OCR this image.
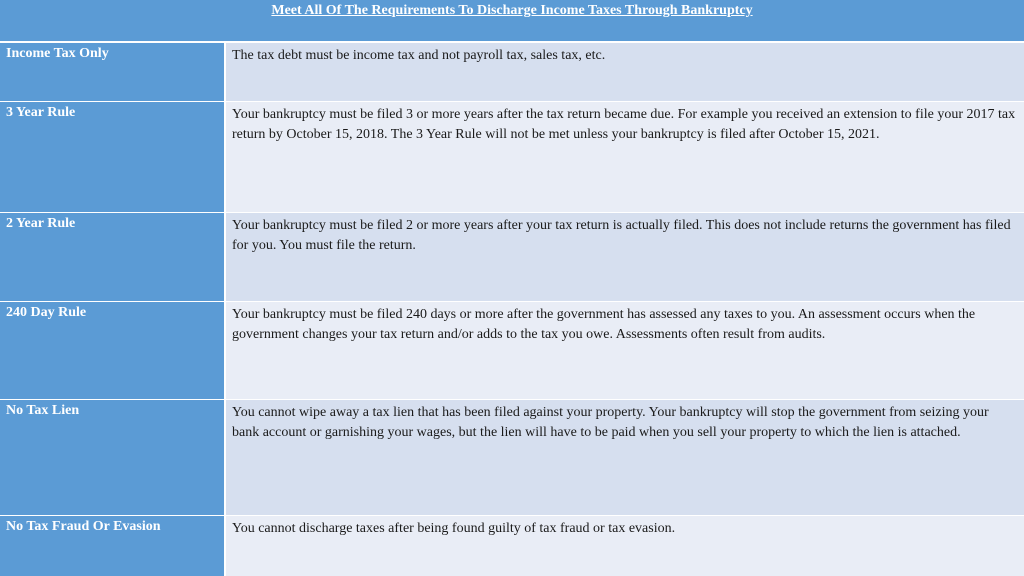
Meet All Of The Requirements To Discharge Income Taxes Through Bankruptcy
Income Tax Only	The tax debt must be income tax and not payroll tax, sales tax, etc.
3 Year Rule	Your bankruptcy must be filed 3 or more years after the tax return became due. For example you received an extension to file your 2017 tax return by October 15, 2018. The 3 Year Rule will not be met unless your bankruptcy is filed after October 15, 2021.
2 Year Rule	Your bankruptcy must be filed 2 or more years after your tax return is actually filed. This does not include returns the government has filed for you. You must file the return.
240 Day Rule	Your bankruptcy must be filed 240 days or more after the government has assessed any taxes to you. An assessment occurs when the government changes your tax return and/or adds to the tax you owe. Assessments often result from audits.
No Tax Lien	You cannot wipe away a tax lien that has been filed against your property. Your bankruptcy will stop the government from seizing your bank account or garnishing your wages, but the lien will have to be paid when you sell your property to which the lien is attached.
No Tax Fraud Or Evasion	You cannot discharge taxes after being found guilty of tax fraud or tax evasion.
